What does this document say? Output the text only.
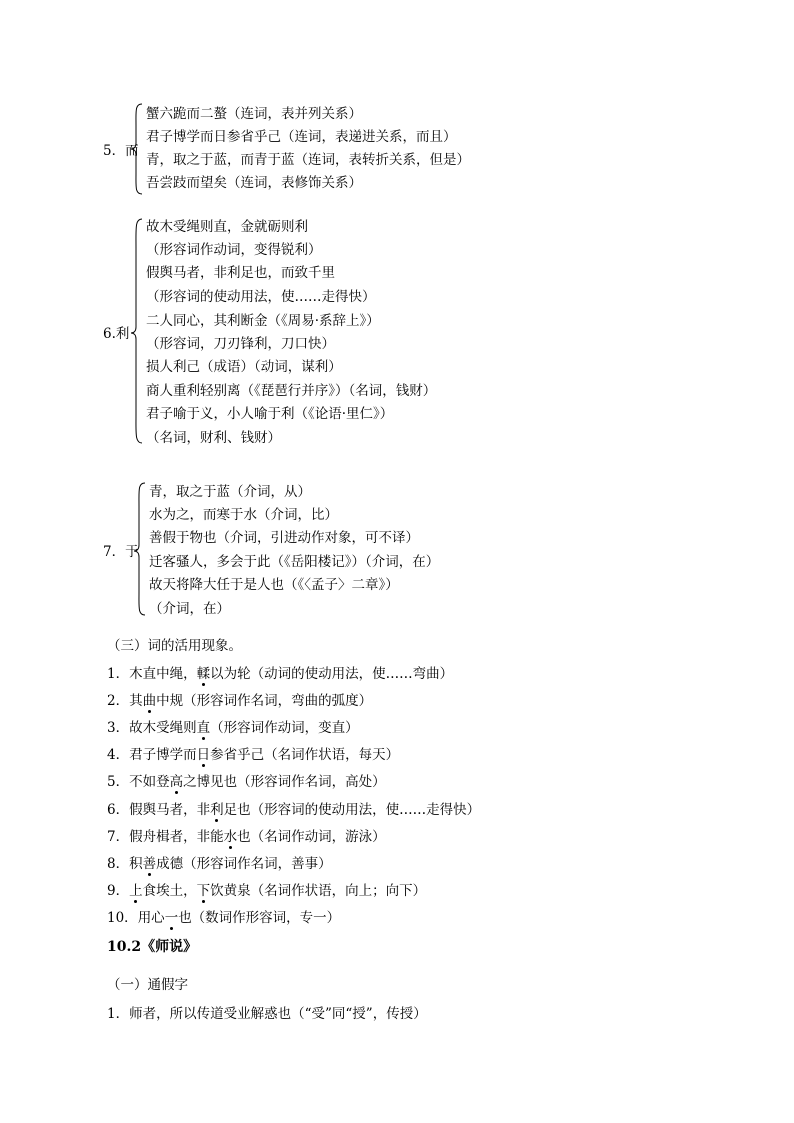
5．而
蟹六跪而二螯（连词，表并列关系）
君子博学而日参省乎己（连词，表递进关系，而且）
青，取之于蓝，而青于蓝（连词，表转折关系，但是）
吾尝跂而望矣（连词，表修饰关系）
6.利
故木受绳则直，金就砺则利
（形容词作动词，变得锐利）
假舆马者，非利足也，而致千里
（形容词的使动用法，使……走得快）
二人同心，其利断金（《周易·系辞上》）
（形容词，刀刃锋利，刀口快）
损人利己（成语）（动词，谋利）
商人重利轻别离（《琵琶行并序》）（名词，钱财）
君子喻于义，小人喻于利（《论语·里仁》）
（名词，财利、钱财）
7．于
青，取之于蓝（介词，从）
水为之，而寒于水（介词，比）
善假于物也（介词，引进动作对象，可不译）
迁客骚人，多会于此（《岳阳楼记》）（介词，在）
故天将降大任于是人也（《〈孟子〉二章》）
（介词，在）
（三）词的活用现象。
1．木直中绳，輮以为轮（动词的使动用法，使……弯曲）
2．其曲中规（形容词作名词，弯曲的弧度）
3．故木受绳则直（形容词作动词，变直）
4．君子博学而日参省乎己（名词作状语，每天）
5．不如登高之博见也（形容词作名词，高处）
6．假舆马者，非利足也（形容词的使动用法，使……走得快）
7．假舟楫者，非能水也（名词作动词，游泳）
8．积善成德（形容词作名词，善事）
9．上食埃土，下饮黄泉（名词作状语，向上；向下）
10．用心一也（数词作形容词，专一）
10.2《师说》
（一）通假字
1．师者，所以传道受业解惑也（“受”同“授”，传授）
